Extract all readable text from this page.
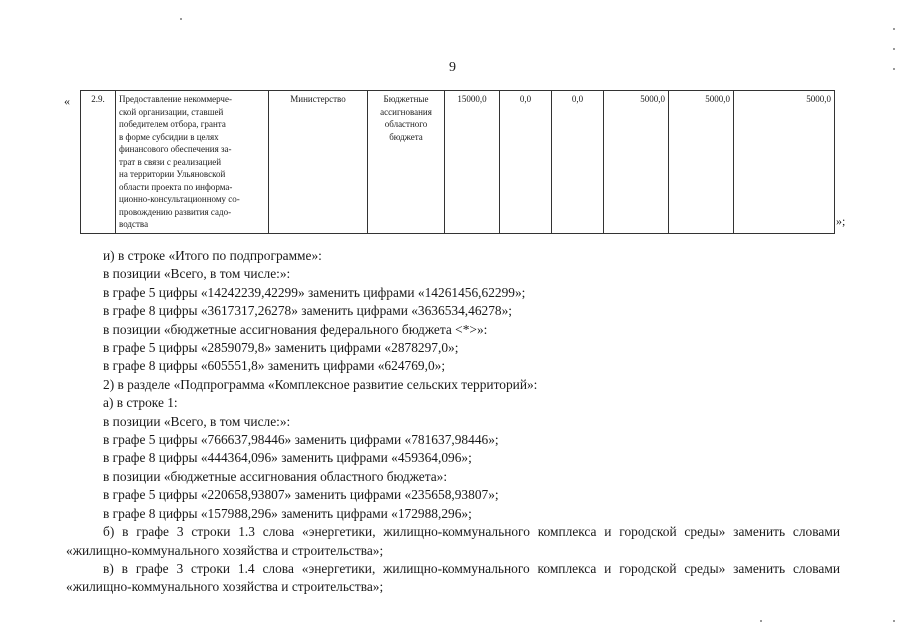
9
« 2.9.	Предоставление некоммерче-
ской организации, ставшей
победителем отбора, гранта
в форме субсидии в целях
финансового обеспечения за-
трат в связи с реализацией
на территории Ульяновской
области проекта по информа-
ционно-консультационному со-
провождению развития садо-
водства
	Министерство	Бюджетные ассигнования областного бюджета	15000,0	0,0	0,0	5000,0	5000,0	5000,0
»;
и) в строке «Итого по подпрограмме»:
в позиции «Всего, в том числе:»:
в графе 5 цифры «14242239,42299» заменить цифрами «14261456,62299»;
в графе 8 цифры «3617317,26278» заменить цифрами «3636534,46278»;
в позиции «бюджетные ассигнования федерального бюджета <*>»:
в графе 5 цифры «2859079,8» заменить цифрами «2878297,0»;
в графе 8 цифры «605551,8» заменить цифрами «624769,0»;
2) в разделе «Подпрограмма «Комплексное развитие сельских территорий»:
а) в строке 1:
в позиции «Всего, в том числе:»:
в графе 5 цифры «766637,98446» заменить цифрами «781637,98446»;
в графе 8 цифры «444364,096» заменить цифрами «459364,096»;
в позиции «бюджетные ассигнования областного бюджета»:
в графе 5 цифры «220658,93807» заменить цифрами «235658,93807»;
в графе 8 цифры «157988,296» заменить цифрами «172988,296»;
б) в графе 3 строки 1.3 слова «энергетики, жилищно-коммунального комплекса и городской среды» заменить словами «жилищно-коммунального хозяйства и строительства»;
в) в графе 3 строки 1.4 слова «энергетики, жилищно-коммунального комплекса и городской среды» заменить словами «жилищно-коммунального хозяйства и строительства»;
